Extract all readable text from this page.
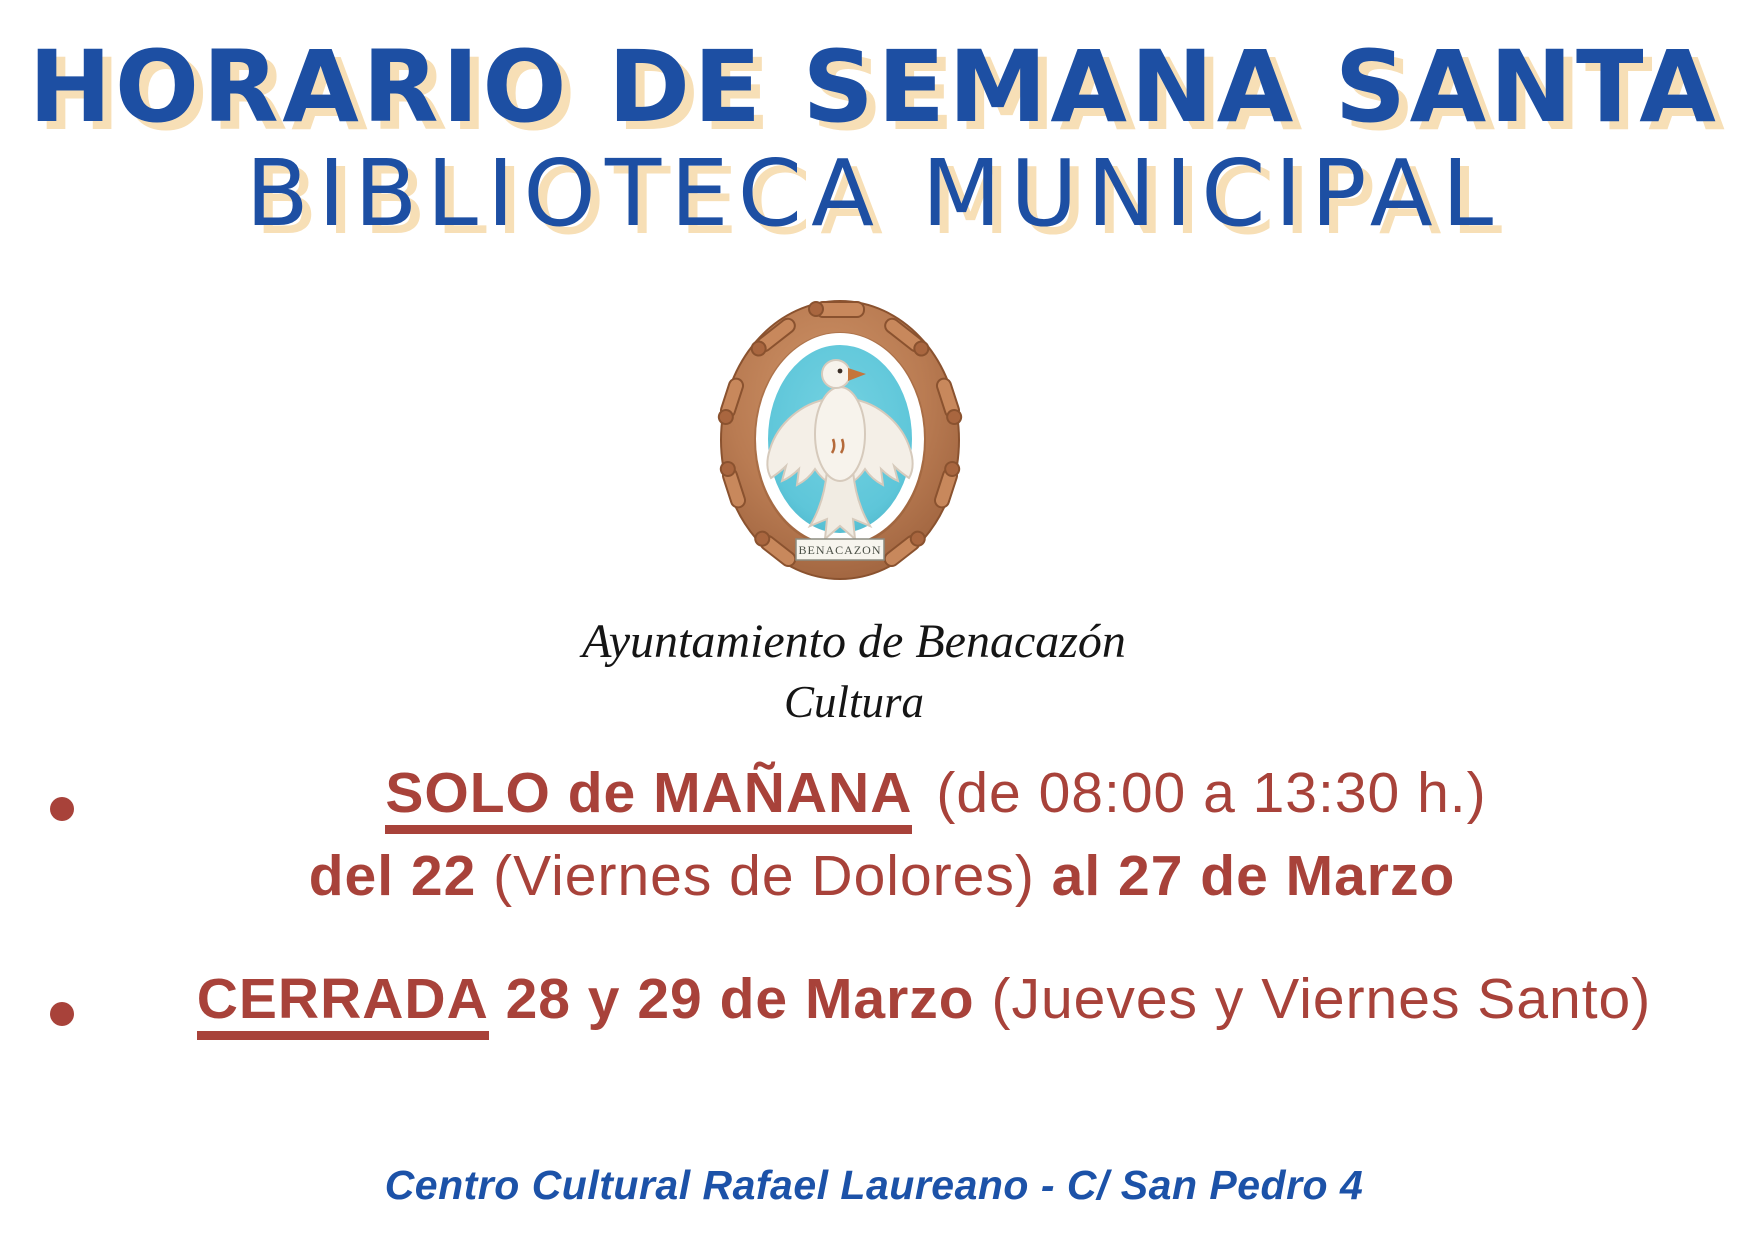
HORARIO DE SEMANA SANTA
BIBLIOTECA MUNICIPAL
BENACAZON

Ayuntamiento de Benacazón

Cultura

SOLO de MAÑANA (de 08:00 a 13:30 h.)
del 22 (Viernes de Dolores) al 27 de Marzo
CERRADA 28 y 29 de Marzo (Jueves y Viernes Santo)

Centro Cultural Rafael Laureano - C/ San Pedro 4
